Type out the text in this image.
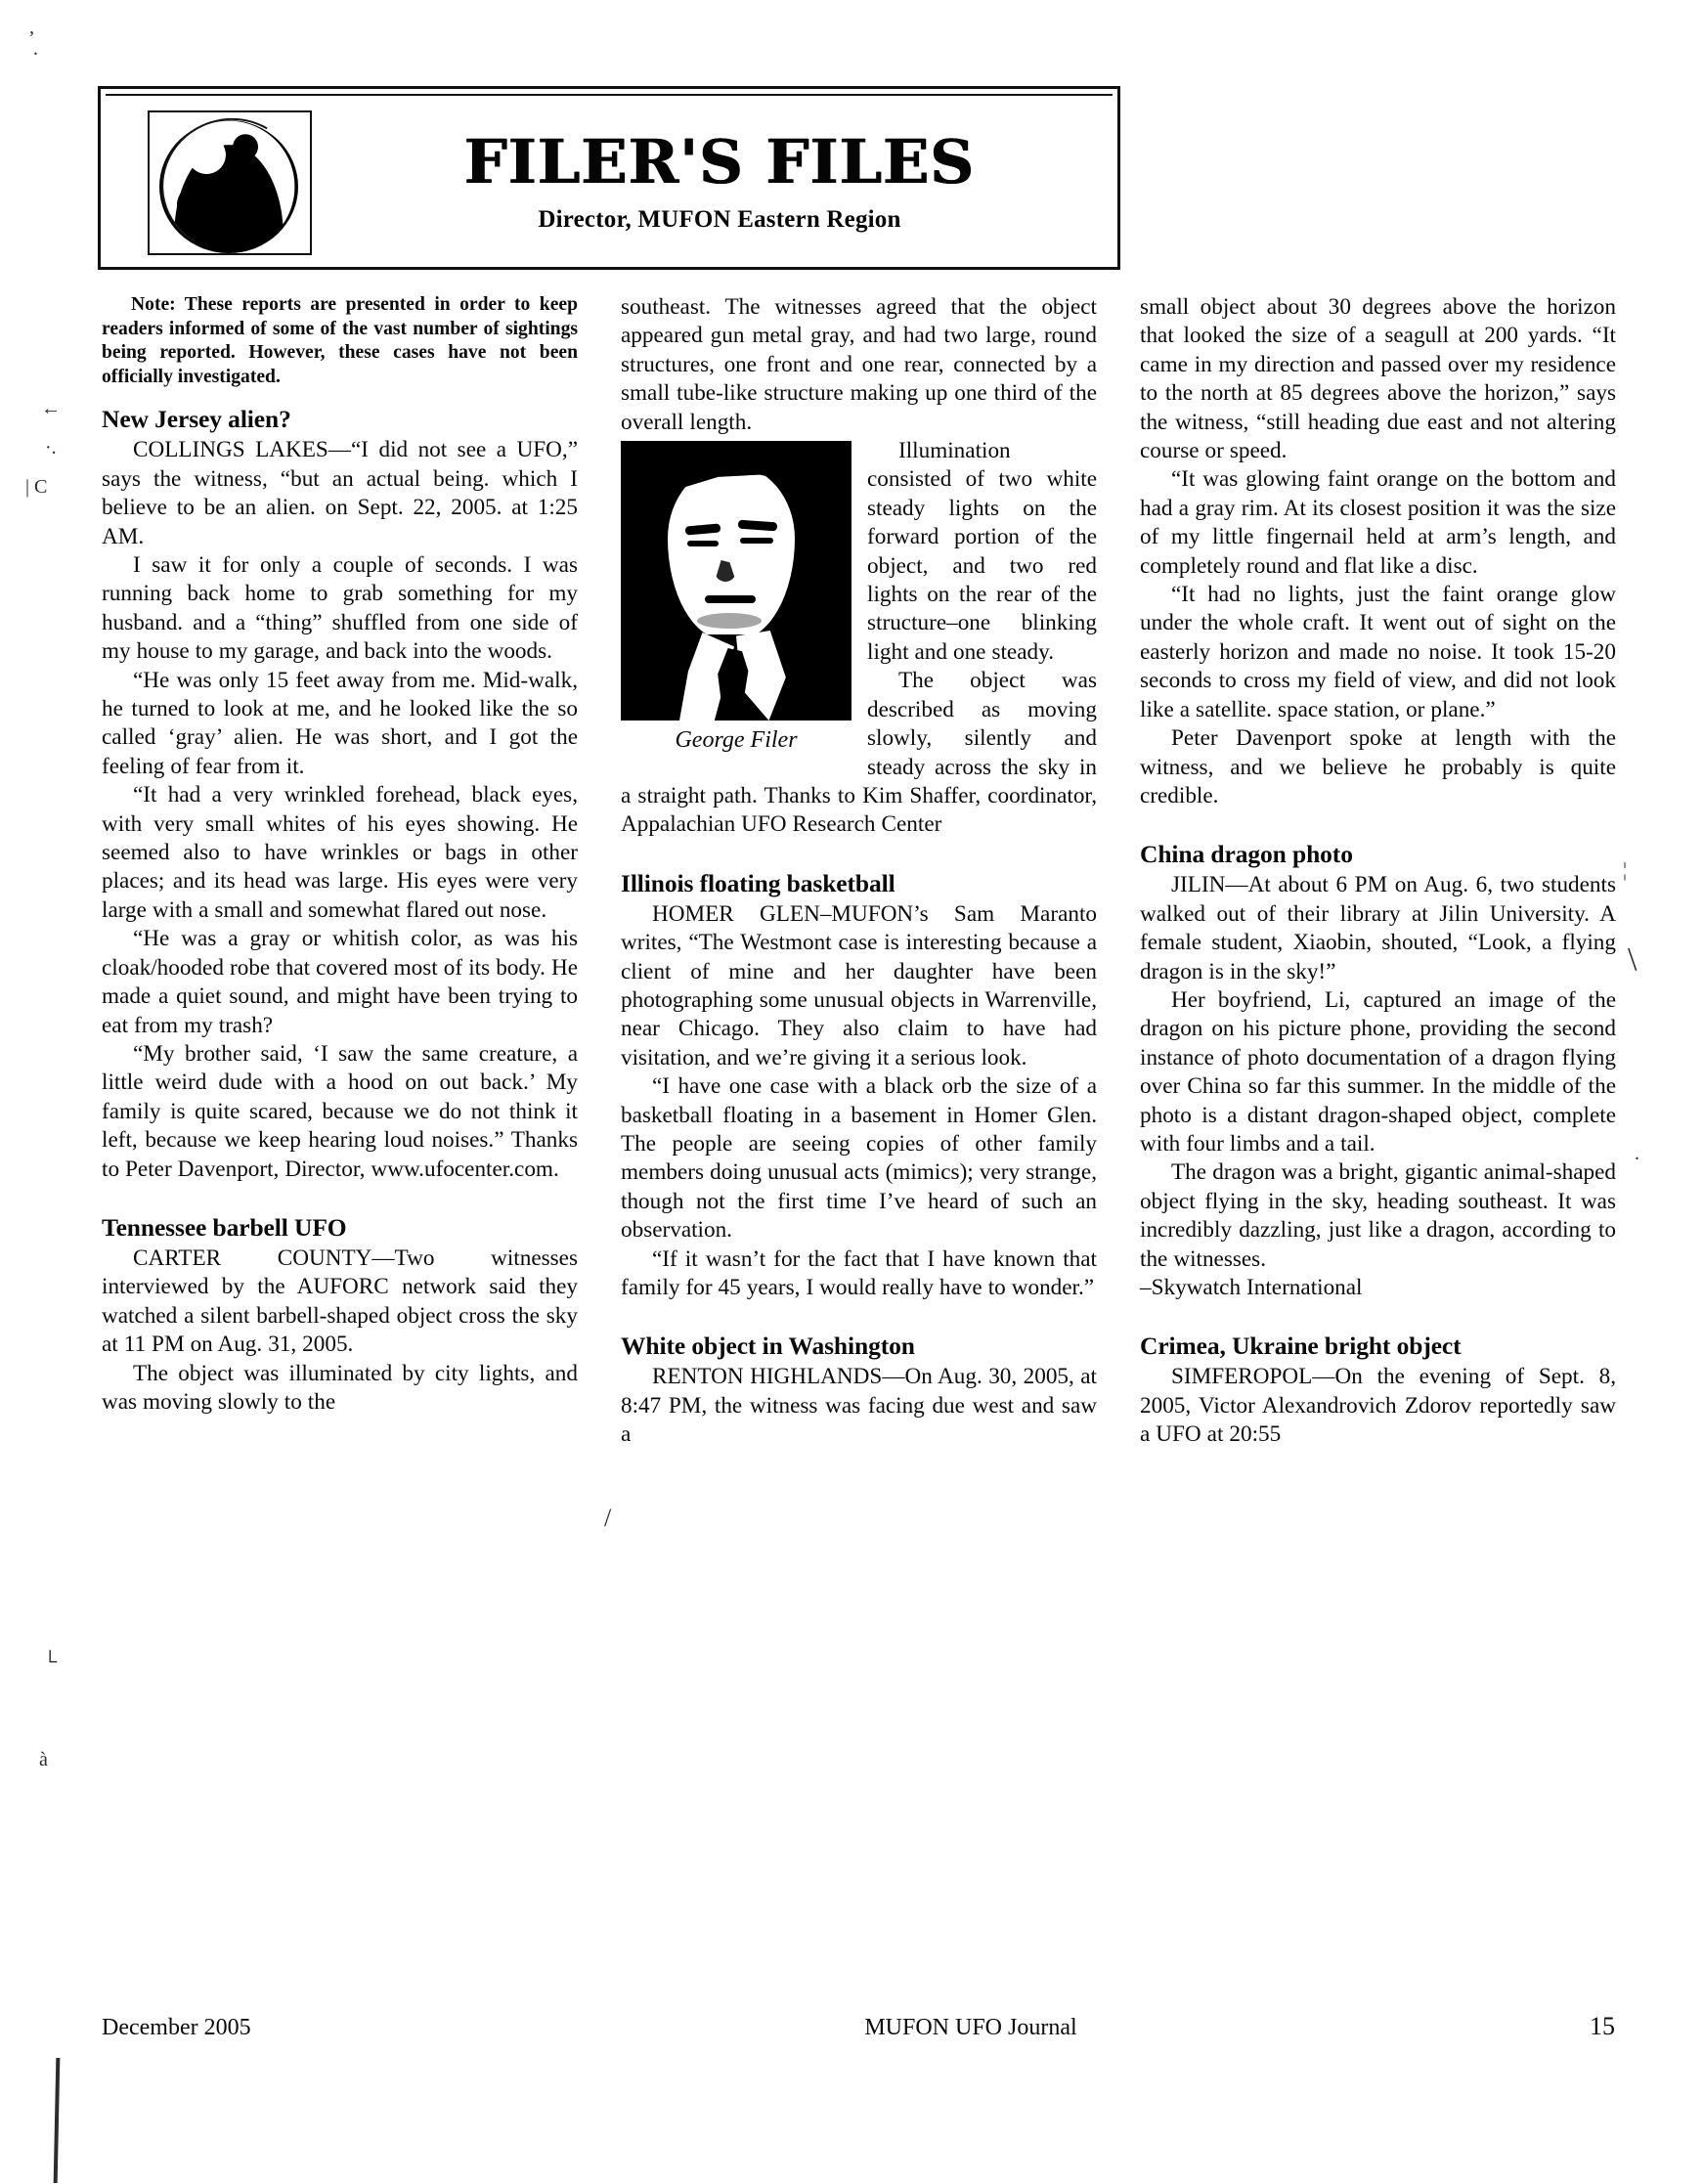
,
.
←
·.
| Ϲ
└
à
¦
\
.
/
FILER'S FILES
Director, MUFON Eastern Region

Note: These reports are presented in order to keep readers informed of some of the vast number of sightings being reported. However, these cases have not been officially investigated.

New Jersey alien?

COLLINGS LAKES—“I did not see a UFO,” says the witness, “but an actual being. which I believe to be an alien. on Sept. 22, 2005. at 1:25 AM.

I saw it for only a couple of seconds. I was running back home to grab something for my husband. and a “thing” shuffled from one side of my house to my garage, and back into the woods.

“He was only 15 feet away from me. Mid-walk, he turned to look at me, and he looked like the so called ‘gray’ alien. He was short, and I got the feeling of fear from it.

“It had a very wrinkled forehead, black eyes, with very small whites of his eyes showing. He seemed also to have wrinkles or bags in other places; and its head was large. His eyes were very large with a small and somewhat flared out nose.

“He was a gray or whitish color, as was his cloak/hooded robe that covered most of its body. He made a quiet sound, and might have been trying to eat from my trash?

“My brother said, ‘I saw the same creature, a little weird dude with a hood on out back.’ My family is quite scared, because we do not think it left, because we keep hearing loud noises.” Thanks to Peter Davenport, Director, www.ufocenter.com.

Tennessee barbell UFO

CARTER COUNTY—Two witnesses interviewed by the AUFORC network said they watched a silent barbell-shaped object cross the sky at 11 PM on Aug. 31, 2005.

The object was illuminated by city lights, and was moving slowly to the

southeast. The witnesses agreed that the object appeared gun metal gray, and had two large, round structures, one front and one rear, connected by a small tube-like structure making up one third of the overall length.

George Filer

Illumination consisted of two white steady lights on the forward portion of the object, and two red lights on the rear of the structure–one blinking light and one steady.

The object was described as moving slowly, silently and steady across the sky in a straight path. Thanks to Kim Shaffer, coordinator, Appalachian UFO Research Center

Illinois floating basketball

HOMER GLEN–MUFON’s Sam Maranto writes, “The Westmont case is interesting because a client of mine and her daughter have been photographing some unusual objects in Warrenville, near Chicago. They also claim to have had visitation, and we’re giving it a serious look.

“I have one case with a black orb the size of a basketball floating in a basement in Homer Glen. The people are seeing copies of other family members doing unusual acts (mimics); very strange, though not the first time I’ve heard of such an observation.

“If it wasn’t for the fact that I have known that family for 45 years, I would really have to wonder.”

White object in Washington

RENTON HIGHLANDS—On Aug. 30, 2005, at 8:47 PM, the witness was facing due west and saw a

small object about 30 degrees above the horizon that looked the size of a seagull at 200 yards. “It came in my direction and passed over my residence to the north at 85 degrees above the horizon,” says the witness, “still heading due east and not altering course or speed.

“It was glowing faint orange on the bottom and had a gray rim. At its closest position it was the size of my little fingernail held at arm’s length, and completely round and flat like a disc.

“It had no lights, just the faint orange glow under the whole craft. It went out of sight on the easterly horizon and made no noise. It took 15-20 seconds to cross my field of view, and did not look like a satellite. space station, or plane.”

Peter Davenport spoke at length with the witness, and we believe he probably is quite credible.

China dragon photo

JILIN—At about 6 PM on Aug. 6, two students walked out of their library at Jilin University. A female student, Xiaobin, shouted, “Look, a flying dragon is in the sky!”

Her boyfriend, Li, captured an image of the dragon on his picture phone, providing the second instance of photo documentation of a dragon flying over China so far this summer. In the middle of the photo is a distant dragon-shaped object, complete with four limbs and a tail.

The dragon was a bright, gigantic animal-shaped object flying in the sky, heading southeast. It was incredibly dazzling, just like a dragon, according to the witnesses.

–Skywatch International

Crimea, Ukraine bright object

SIMFEROPOL—On the evening of Sept. 8, 2005, Victor Alexandrovich Zdorov reportedly saw a UFO at 20:55

December 2005	MUFON UFO Journal	15
